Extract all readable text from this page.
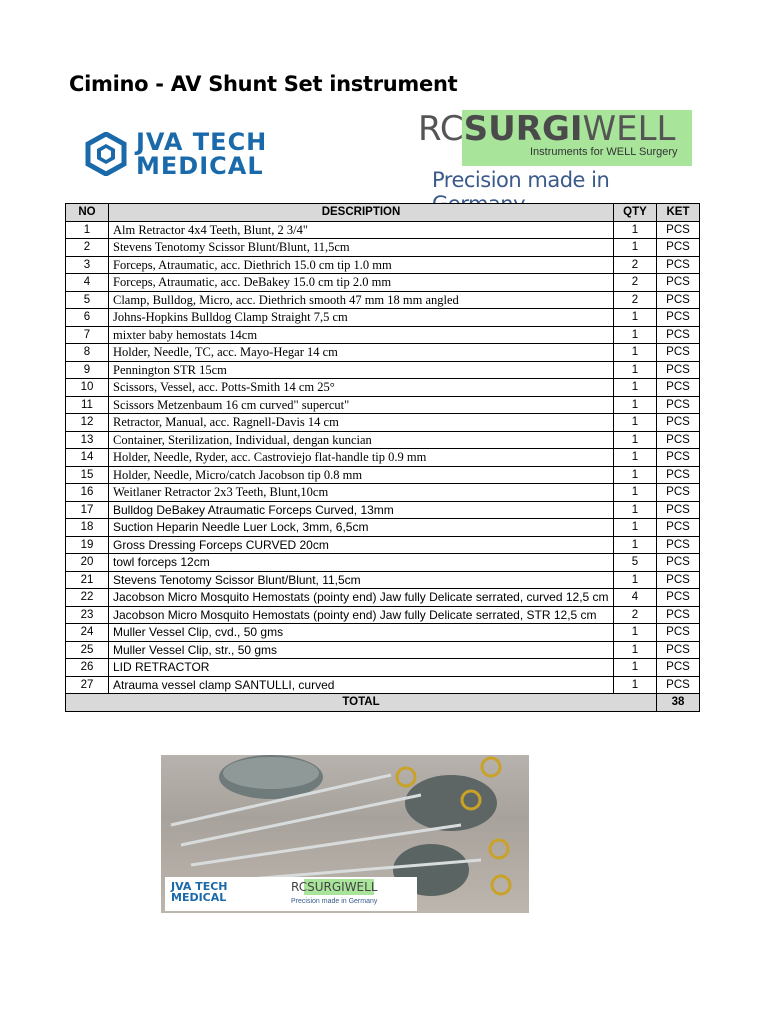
Cimino - AV Shunt Set instrument
JVA TECH
MEDICAL
RCSURGIWELL
Instruments for WELL Surgery
Precision made in
NO	DESCRIPTION	QTY	KET
1	Alm Retractor 4x4 Teeth, Blunt, 2 3/4"	1	PCS
2	Stevens Tenotomy Scissor Blunt/Blunt, 11,5cm	1	PCS
3	Forceps, Atraumatic, acc. Diethrich 15.0 cm tip 1.0 mm	2	PCS
4	Forceps, Atraumatic, acc. DeBakey 15.0 cm tip 2.0 mm	2	PCS
5	Clamp, Bulldog, Micro, acc. Diethrich smooth 47 mm 18 mm angled	2	PCS
6	Johns-Hopkins Bulldog Clamp Straight 7,5 cm	1	PCS
7	mixter baby hemostats 14cm	1	PCS
8	Holder, Needle, TC, acc. Mayo-Hegar 14 cm	1	PCS
9	Pennington STR 15cm	1	PCS
10	Scissors, Vessel, acc. Potts-Smith 14 cm 25°	1	PCS
11	Scissors Metzenbaum 16 cm curved" supercut"	1	PCS
12	Retractor, Manual, acc. Ragnell-Davis 14 cm	1	PCS
13	Container, Sterilization, Individual, dengan kuncian	1	PCS
14	Holder, Needle, Ryder, acc. Castroviejo flat-handle tip 0.9 mm	1	PCS
15	Holder, Needle, Micro/catch Jacobson tip 0.8 mm	1	PCS
16	Weitlaner Retractor 2x3 Teeth, Blunt,10cm	1	PCS
17	Bulldog DeBakey Atraumatic Forceps Curved, 13mm	1	PCS
18	Suction Heparin Needle Luer Lock, 3mm, 6,5cm	1	PCS
19	Gross Dressing Forceps CURVED 20cm	1	PCS
20	towl forceps 12cm	5	PCS
21	Stevens Tenotomy Scissor Blunt/Blunt, 11,5cm	1	PCS
22	Jacobson Micro Mosquito Hemostats (pointy end) Jaw fully Delicate serrated, curved 12,5 cm	4	PCS
23	Jacobson Micro Mosquito Hemostats (pointy end) Jaw fully Delicate serrated, STR 12,5 cm	2	PCS
24	Muller Vessel Clip, cvd., 50 gms	1	PCS
25	Muller Vessel Clip, str., 50 gms	1	PCS
26	LID RETRACTOR	1	PCS
27	Atrauma vessel clamp SANTULLI, curved	1	PCS
TOTAL			38
JVA TECH MEDICAL
RCSURGIWELL
Precision made in Germany
